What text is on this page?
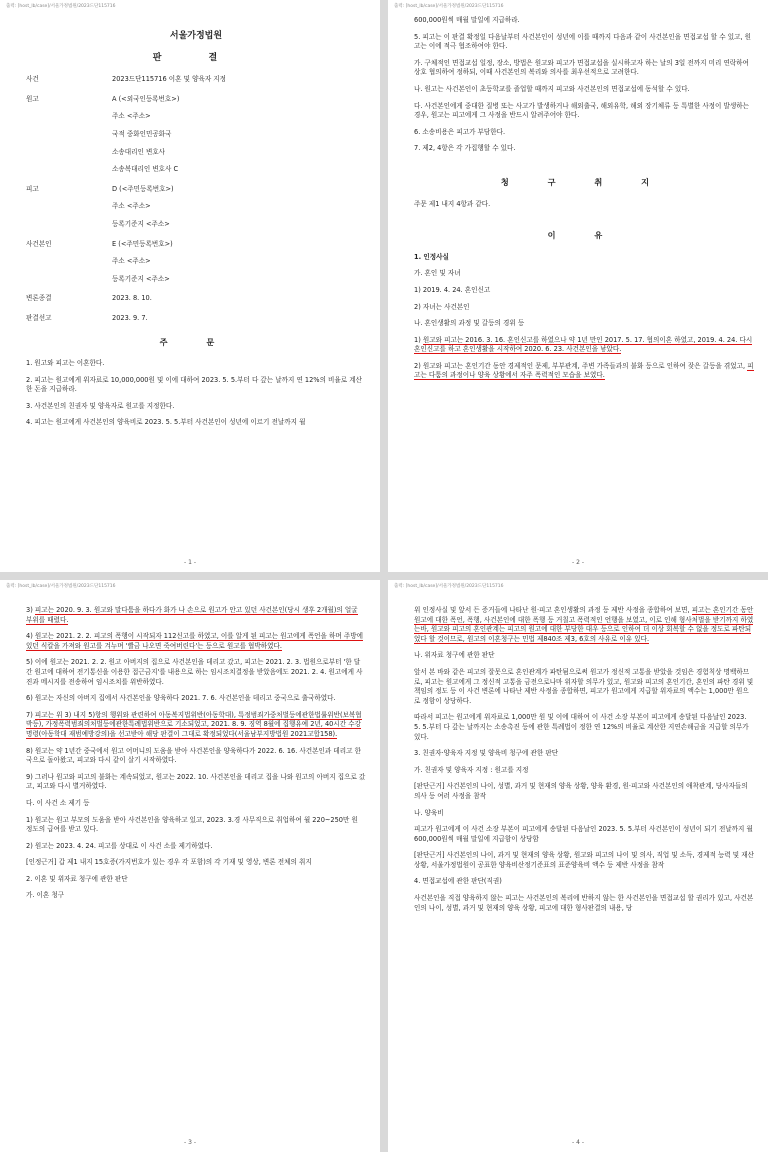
출력: [host_lb/case]/서울가정법원/2023드단115716
서울가정법원
판 결
사건	2023드단115716 이혼 및 양육자 지정
원고	A (<외국인등록번호>)
주소 <주소>
국적 중화인민공화국
소송대리인 변호사
소송복대리인 변호사 C
피고	D (<주민등록번호>)
주소 <주소>
등록기준지 <주소>
사건본인	E (<주민등록번호>)
주소 <주소>
등록기준지 <주소>
변론종결	2023. 8. 10.
판결선고	2023. 9. 7.
주 문

1. 원고와 피고는 이혼한다.

2. 피고는 원고에게 위자료로 10,000,000원 및 이에 대하여 2023. 5. 5.부터 다 갚는 날까지 연 12%의 비율로 계산한 돈을 지급하라.

3. 사건본인의 친권자 및 양육자로 원고를 지정한다.

4. 피고는 원고에게 사건본인의 양육비로 2023. 5. 5.부터 사건본인이 성년에 이르기 전날까지 월

- 1 -
출력: [host_lb/case]/서울가정법원/2023드단115716

600,000원씩 매월 말일에 지급하라.

5. 피고는 이 판결 확정일 다음날부터 사건본인이 성년에 이를 때까지 다음과 같이 사건본인을 면접교섭 할 수 있고, 원고는 이에 적극 협조하여야 한다.

가. 구체적인 면접교섭 일정, 장소, 방법은 원고와 피고가 면접교섭을 실시하고자 하는 날의 3일 전까지 미리 연락하여 상호 협의하여 정하되, 이때 사건본인의 복리와 의사를 최우선적으로 고려한다.

나. 원고는 사건본인이 초등학교를 졸업할 때까지 피고와 사건본인의 면접교섭에 동석할 수 있다.

다. 사건본인에게 중대한 질병 또는 사고가 발생하거나 해외출국, 해외유학, 해외 장기체류 등 특별한 사정이 발생하는 경우, 원고는 피고에게 그 사정을 반드시 알려주어야 한다.

6. 소송비용은 피고가 부담한다.

7. 제2, 4항은 각 가집행할 수 있다.

청 구 취 지

주문 제1 내지 4항과 같다.

이 유

1. 인정사실

가. 혼인 및 자녀

1) 2019. 4. 24. 혼인신고

2) 자녀는 사건본인

나. 혼인생활의 과정 및 갈등의 경위 등

1) 원고와 피고는 2016. 3. 16. 혼인신고를 하였으나 약 1년 만인 2017. 5. 17. 협의이혼 하였고, 2019. 4. 24. 다시 혼인신고를 하고 혼인생활을 시작하여 2020. 6. 23. 사건본인을 낳았다.

2) 원고와 피고는 혼인기간 동안 경제적인 문제, 부부관계, 주변 가족들과의 불화 등으로 인하여 잦은 갈등을 겪었고, 피고는 다툼의 과정이나 양육 상황에서 자주 폭력적인 모습을 보였다.

- 2 -
출력: [host_lb/case]/서울가정법원/2023드단115716

3) 피고는 2020. 9. 3. 원고와 말다툼을 하다가 화가 나 손으로 원고가 안고 있던 사건본인(당시 생후 2개월)의 얼굴 부위를 때렸다.

4) 원고는 2021. 2. 2. 피고의 폭행이 시작되자 112신고를 하였고, 이를 알게 된 피고는 원고에게 폭언을 하며 주방에 있던 식칼을 가져와 원고를 겨누며 '빨금 나오면 죽여버린다'는 등으로 원고를 협박하였다.

5) 이에 원고는 2021. 2. 2. 원고 아버지의 집으로 사건본인을 데리고 갔고, 피고는 2021. 2. 3. 법원으로부터 '한 달간 원고에 대하여 전기통신을 이용한 접근금지'를 내용으로 하는 임시조치결정을 받았음에도 2021. 2. 4. 원고에게 사진과 메시지를 전송하여 임시조치를 위반하였다.

6) 원고는 자신의 아버지 집에서 사건본인을 양육하다 2021. 7. 6. 사건본인을 데리고 중국으로 출국하였다.

7) 피고는 위 3) 내지 5)항의 행위와 관련하여 아동복지법위반(아동학대), 특정범죄가중처벌등에관한법률위반(보복협박등), 가정폭력범죄의처벌등에관한특례법위반으로 기소되었고, 2021. 8. 9. 징역 8월에 집행유예 2년, 40시간 수강명령(아동학대 재범예방강의)을 선고받아 해당 판결이 그대로 확정되었다(서울남부지방법원 2021고합158).

8) 원고는 약 1년간 중국에서 원고 어머니의 도움을 받아 사건본인을 양육하다가 2022. 6. 16. 사건본인과 데리고 한국으로 돌아왔고, 피고와 다시 같이 살기 시작하였다.

9) 그러나 원고와 피고의 불화는 계속되었고, 원고는 2022. 10. 사건본인을 데리고 집을 나와 원고의 아버지 집으로 갔고, 피고와 다시 별거하였다.

다. 이 사건 소 제기 등

1) 원고는 원고 부모의 도움을 받아 사건본인을 양육하고 있고, 2023. 3.경 사무직으로 취업하여 월 220~250만 원 정도의 급여를 받고 있다.

2) 원고는 2023. 4. 24. 피고를 상대로 이 사건 소를 제기하였다.

[인정근거] 갑 제1 내지 15호증(가지번호가 있는 경우 각 포함)의 각 기재 및 영상, 변론 전체의 취지

2. 이혼 및 위자료 청구에 관한 판단

가. 이혼 청구

- 3 -
출력: [host_lb/case]/서울가정법원/2023드단115716

위 인정사실 및 앞서 든 증거들에 나타난 원·피고 혼인생활의 과정 등 제반 사정을 종합하여 보면, 피고는 혼인기간 동안 원고에 대한 폭언, 폭행, 사건본인에 대한 폭행 등 거칠고 폭력적인 언행을 보였고, 이로 인해 형사처벌을 받기까지 하였는바, 원고와 피고의 혼인관계는 피고의 원고에 대한 부당한 대우 등으로 인하여 더 이상 회복할 수 없을 정도로 파탄되었다 할 것이므로, 원고의 이혼청구는 민법 제840조 제3, 6호의 사유로 이유 있다.

나. 위자료 청구에 관한 판단

앞서 본 바와 같은 피고의 잘못으로 혼인관계가 파탄됨으로써 원고가 정신적 고통을 받았을 것임은 경험칙상 명백하므로, 피고는 원고에게 그 정신적 고통을 금전으로나마 위자할 의무가 있고, 원고와 피고의 혼인기간, 혼인의 파탄 경위 및 책임의 정도 등 이 사건 변론에 나타난 제반 사정을 종합하면, 피고가 원고에게 지급할 위자료의 액수는 1,000만 원으로 정함이 상당하다.

따라서 피고는 원고에게 위자료로 1,000만 원 및 이에 대하여 이 사건 소장 부본이 피고에게 송달된 다음날인 2023. 5. 5.부터 다 갚는 날까지는 소송촉진 등에 관한 특례법이 정한 연 12%의 비율로 계산한 지연손해금을 지급할 의무가 있다.

3. 친권자·양육자 지정 및 양육비 청구에 관한 판단

가. 친권자 및 양육자 지정 : 원고를 지정

[판단근거] 사건본인의 나이, 성별, 과거 및 현재의 양육 상황, 양육 환경, 원·피고와 사건본인의 애착관계, 당사자들의 의사 등 여러 사정을 참작

나. 양육비

피고가 원고에게 이 사건 소장 부본이 피고에게 송달된 다음날인 2023. 5. 5.부터 사건본인이 성년이 되기 전날까지 월 600,000원씩 매월 말일에 지급함이 상당함

[판단근거] 사건본인의 나이, 과거 및 현재의 양육 상황, 원고와 피고의 나이 및 의사, 직업 및 소득, 경제적 능력 및 재산 상황, 서울가정법원이 공표한 양육비산정기준표의 표준양육비 액수 등 제반 사정을 참작

4. 면접교섭에 관한 판단(직권)

사건본인을 직접 양육하지 않는 피고는 사건본인의 복리에 반하지 않는 한 사건본인을 면접교섭 할 권리가 있고, 사건본인의 나이, 성별, 과거 및 현재의 양육 상황, 피고에 대한 형사판결의 내용, 당

- 4 -
